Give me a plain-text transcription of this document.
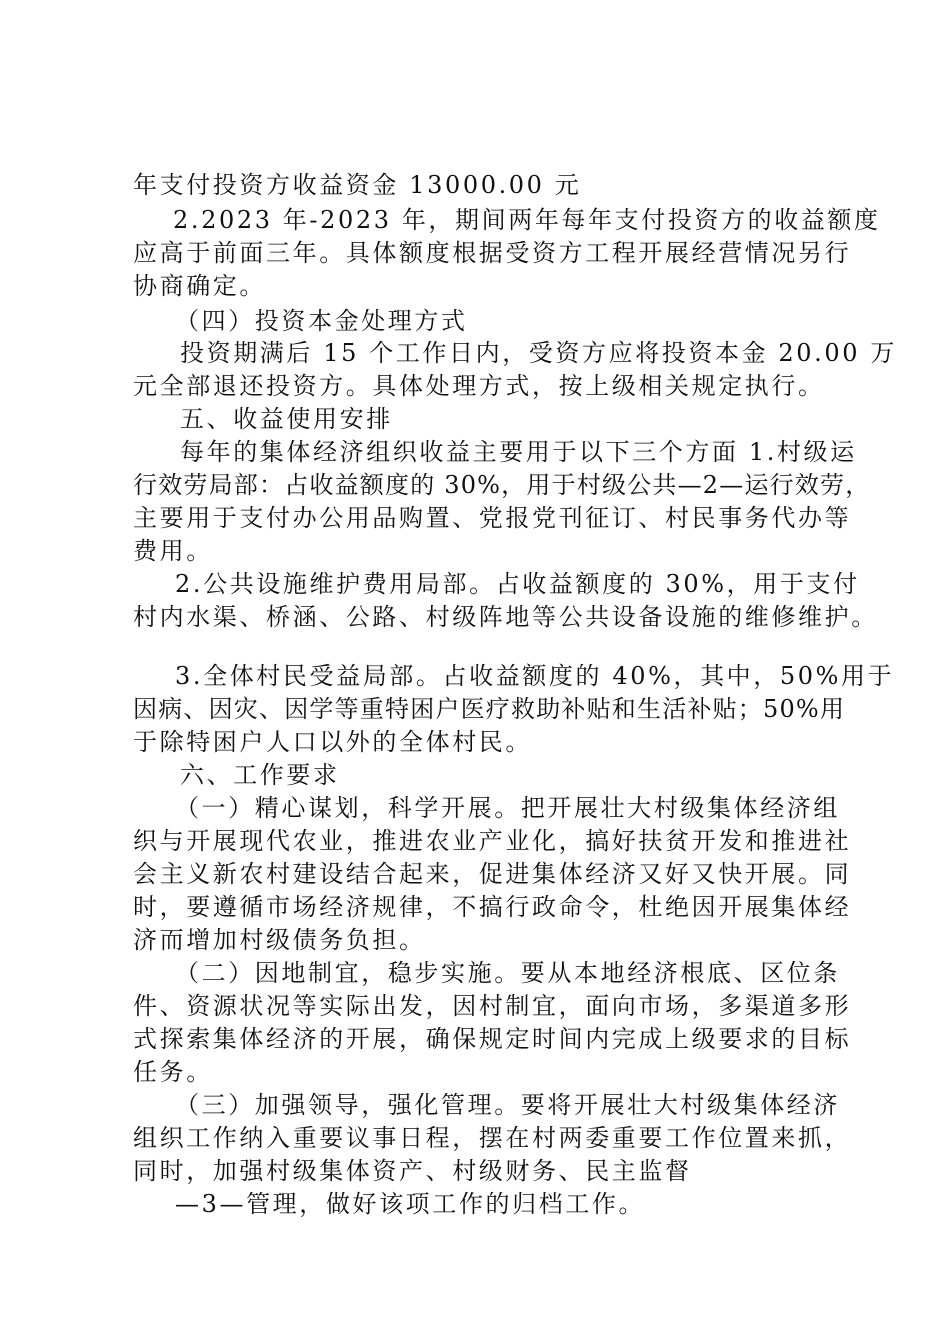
年支付投资方收益资金 13000.00 元
2.2023 年-2023 年，期间两年每年支付投资方的收益额度
应高于前面三年。具体额度根据受资方工程开展经营情况另行
协商确定。
（四）投资本金处理方式
投资期满后 15 个工作日内，受资方应将投资本金 20.00 万
元全部退还投资方。具体处理方式，按上级相关规定执行。
五、收益使用安排
每年的集体经济组织收益主要用于以下三个方面 1.村级运
行效劳局部：占收益额度的 30%，用于村级公共—2—运行效劳，
主要用于支付办公用品购置、党报党刊征订、村民事务代办等
费用。
2.公共设施维护费用局部。占收益额度的 30%，用于支付
村内水渠、桥涵、公路、村级阵地等公共设备设施的维修维护。
3.全体村民受益局部。占收益额度的 40%，其中，50%用于
因病、因灾、因学等重特困户医疗救助补贴和生活补贴；50%用
于除特困户人口以外的全体村民。
六、工作要求
（一）精心谋划，科学开展。把开展壮大村级集体经济组
织与开展现代农业，推进农业产业化，搞好扶贫开发和推进社
会主义新农村建设结合起来，促进集体经济又好又快开展。同
时，要遵循市场经济规律，不搞行政命令，杜绝因开展集体经
济而增加村级债务负担。
（二）因地制宜，稳步实施。要从本地经济根底、区位条
件、资源状况等实际出发，因村制宜，面向市场，多渠道多形
式探索集体经济的开展，确保规定时间内完成上级要求的目标
任务。
（三）加强领导，强化管理。要将开展壮大村级集体经济
组织工作纳入重要议事日程，摆在村两委重要工作位置来抓，
同时，加强村级集体资产、村级财务、民主监督
—3—管理，做好该项工作的归档工作。
